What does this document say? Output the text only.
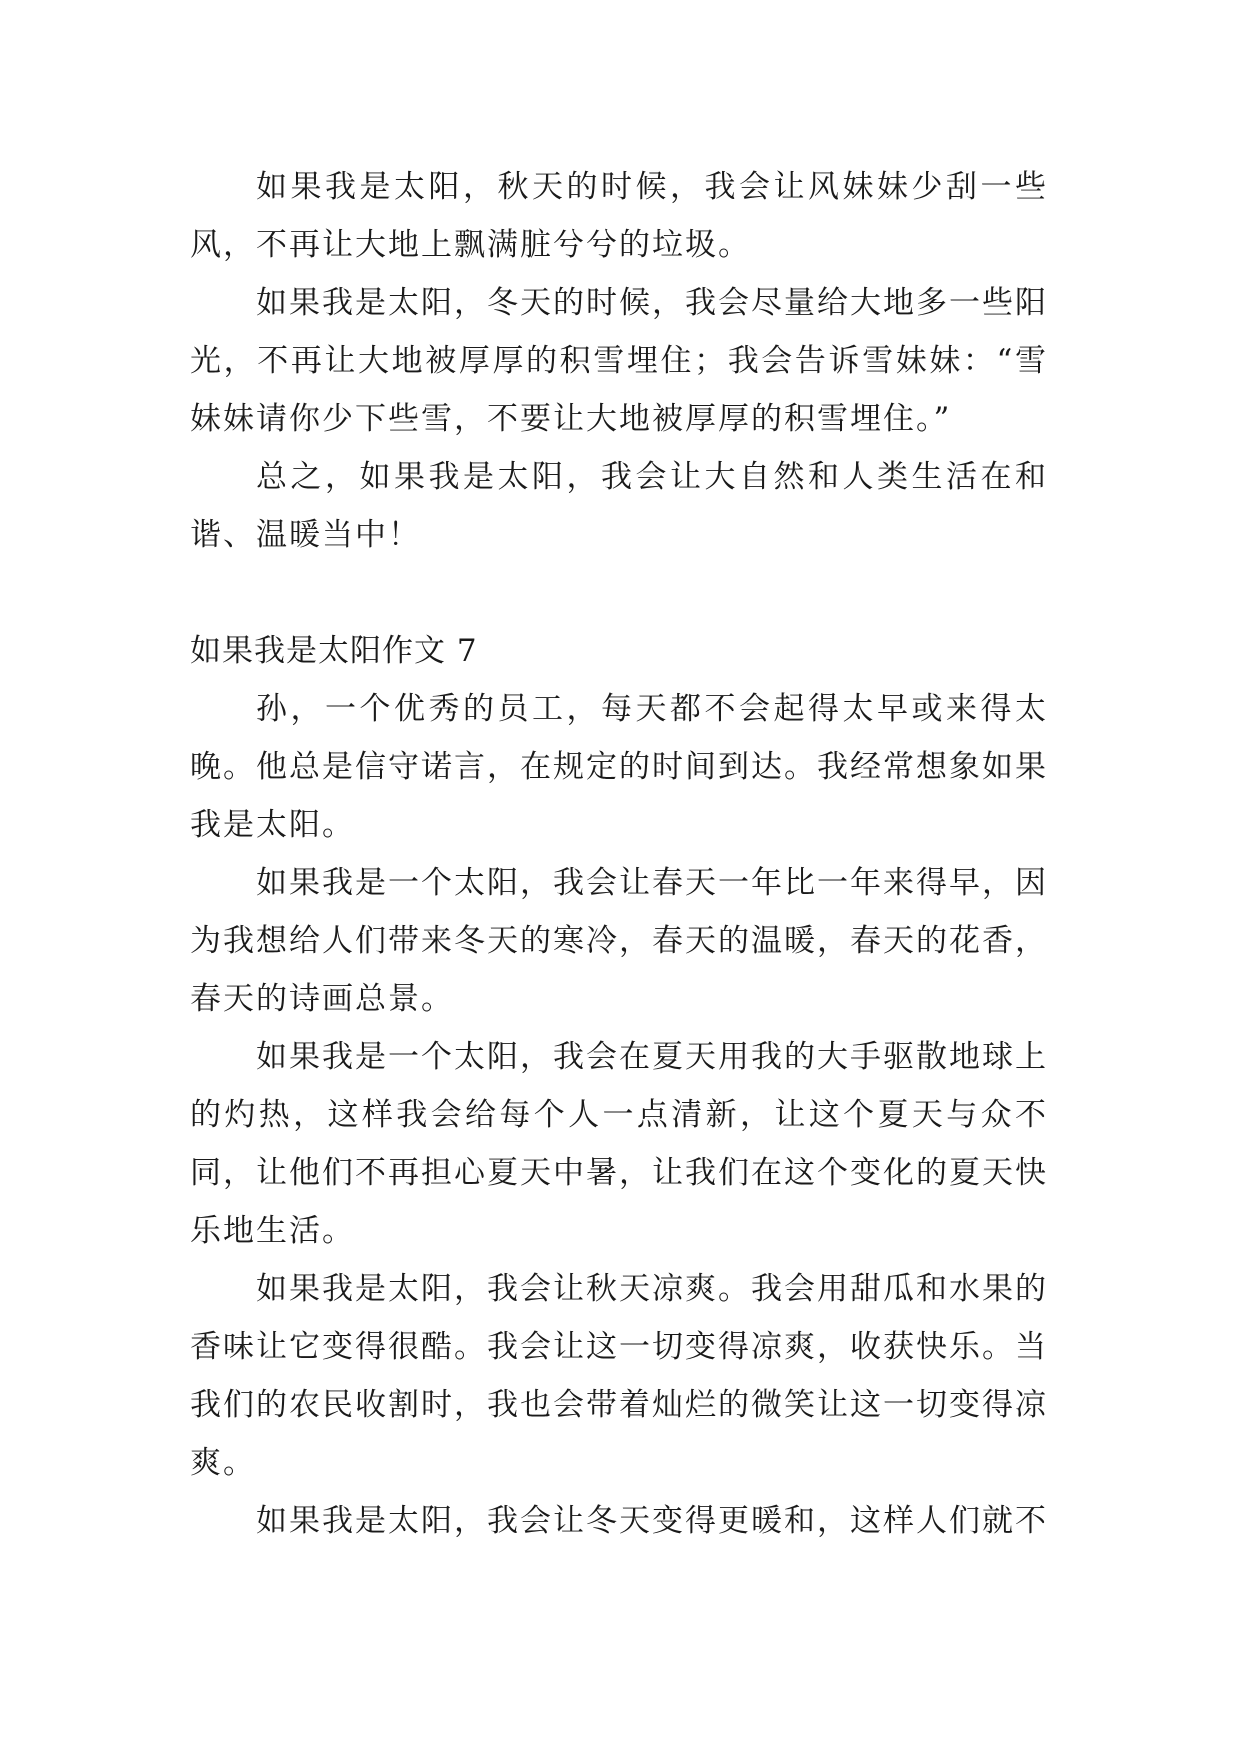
如果我是太阳，秋天的时候，我会让风妹妹少刮一些风，不再让大地上飘满脏兮兮的垃圾。

如果我是太阳，冬天的时候，我会尽量给大地多一些阳光，不再让大地被厚厚的积雪埋住；我会告诉雪妹妹：“雪妹妹请你少下些雪，不要让大地被厚厚的积雪埋住。”

总之，如果我是太阳，我会让大自然和人类生活在和谐、温暖当中！

如果我是太阳作文 7

孙，一个优秀的员工，每天都不会起得太早或来得太晚。他总是信守诺言，在规定的时间到达。我经常想象如果我是太阳。

如果我是一个太阳，我会让春天一年比一年来得早，因为我想给人们带来冬天的寒冷，春天的温暖，春天的花香，春天的诗画总景。

如果我是一个太阳，我会在夏天用我的大手驱散地球上的灼热，这样我会给每个人一点清新，让这个夏天与众不同，让他们不再担心夏天中暑，让我们在这个变化的夏天快乐地生活。

如果我是太阳，我会让秋天凉爽。我会用甜瓜和水果的香味让它变得很酷。我会让这一切变得凉爽，收获快乐。当我们的农民收割时，我也会带着灿烂的微笑让这一切变得凉爽。

如果我是太阳，我会让冬天变得更暖和，这样人们就不
